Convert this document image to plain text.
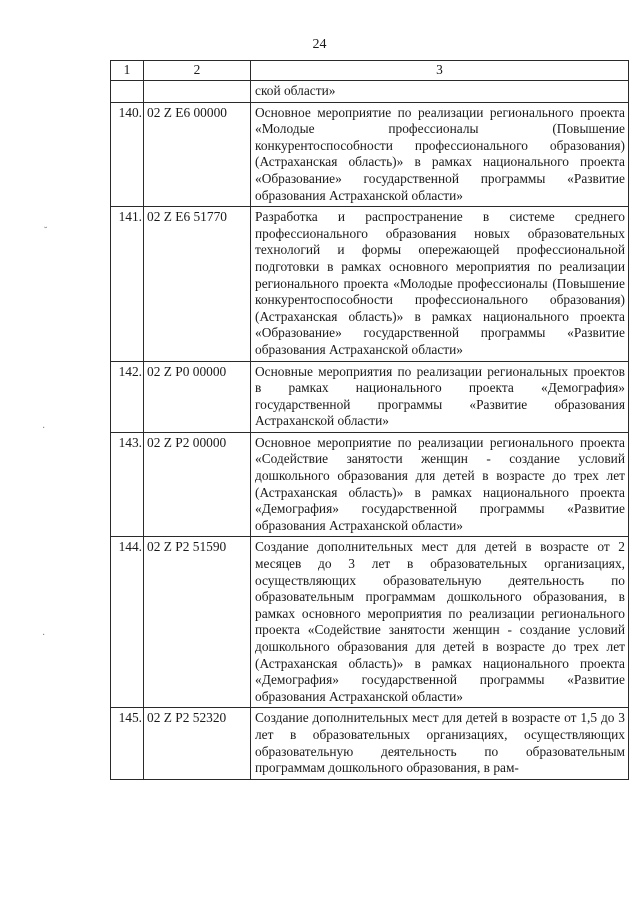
24
1	2	3
		ской области»
140.	02 Z E6 00000	Основное мероприятие по реализации регионального проекта «Молодые профессионалы (Повышение конкурентоспособности профессионального образования) (Астраханская область)» в рамках национального проекта «Образование» государственной программы «Развитие образования Астраханской области»
141.	02 Z E6 51770	Разработка и распространение в системе среднего профессионального образования новых образовательных технологий и формы опережающей профессиональной подготовки в рамках основного мероприятия по реализации регионального проекта «Молодые профессионалы (Повышение конкурентоспособности профессионального образования) (Астраханская область)» в рамках национального проекта «Образование» государственной программы «Развитие образования Астраханской области»
142.	02 Z P0 00000	Основные мероприятия по реализации региональных проектов в рамках национального проекта «Демография» государственной программы «Развитие образования Астраханской области»
143.	02 Z P2 00000	Основное мероприятие по реализации регионального проекта «Содействие занятости женщин - создание условий дошкольного образования для детей в возрасте до трех лет (Астраханская область)» в рамках национального проекта «Демография» государственной программы «Развитие образования Астраханской области»
144.	02 Z P2 51590	Создание дополнительных мест для детей в возрасте от 2 месяцев до 3 лет в образовательных организациях, осуществляющих образовательную деятельность по образовательным программам дошкольного образования, в рамках основного мероприятия по реализации регионального проекта «Содействие занятости женщин - создание условий дошкольного образования для детей в возрасте до трех лет (Астраханская область)» в рамках национального проекта «Демография» государственной программы «Развитие образования Астраханской области»
145.	02 Z P2 52320	Создание дополнительных мест для детей в возрасте от 1,5 до 3 лет в образовательных организациях, осуществляющих образовательную деятельность по образовательным программам дошкольного образования, в рам-
˘
·
·
